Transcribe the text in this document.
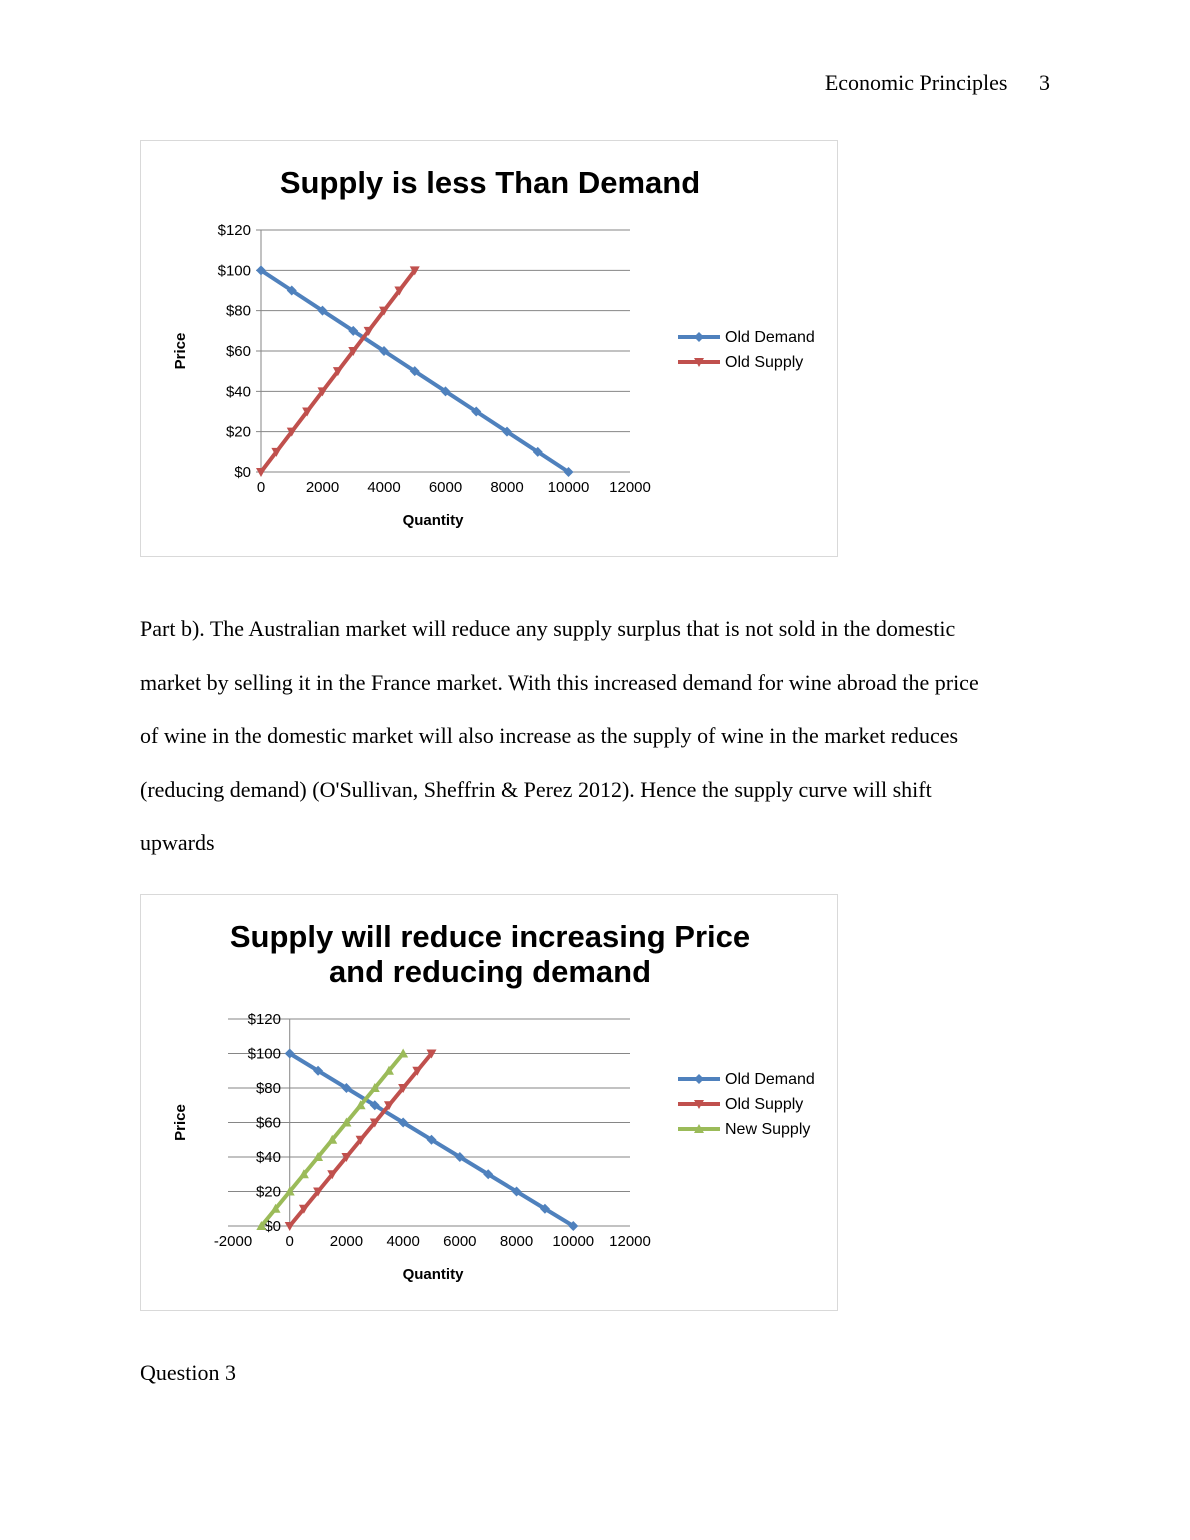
Economic Principles 3
Supply is less Than Demand
$0
$20
$40
$60
$80
$100
$120
0	2000 4000 6000 8000 10000 12000
Quantity
Price	Old Demand
Old Supply
Part b). The Australian market will reduce any supply surplus that is not sold in the domestic
market by selling it in the France market. With this increased demand for wine abroad the price
of wine in the domestic market will also increase as the supply of wine in the market reduces
(reducing demand) (O'Sullivan, Sheffrin & Perez 2012). Hence the supply curve will shift
upwards
Supply will reduce increasing Price
and reducing demand
$0
$20
$40
$60
$80
$100
$120
-2000 0 2000 4000 6000 8000 10000 12000
Quantity
Price
Old Demand
Old Supply
New Supply
Question 3
